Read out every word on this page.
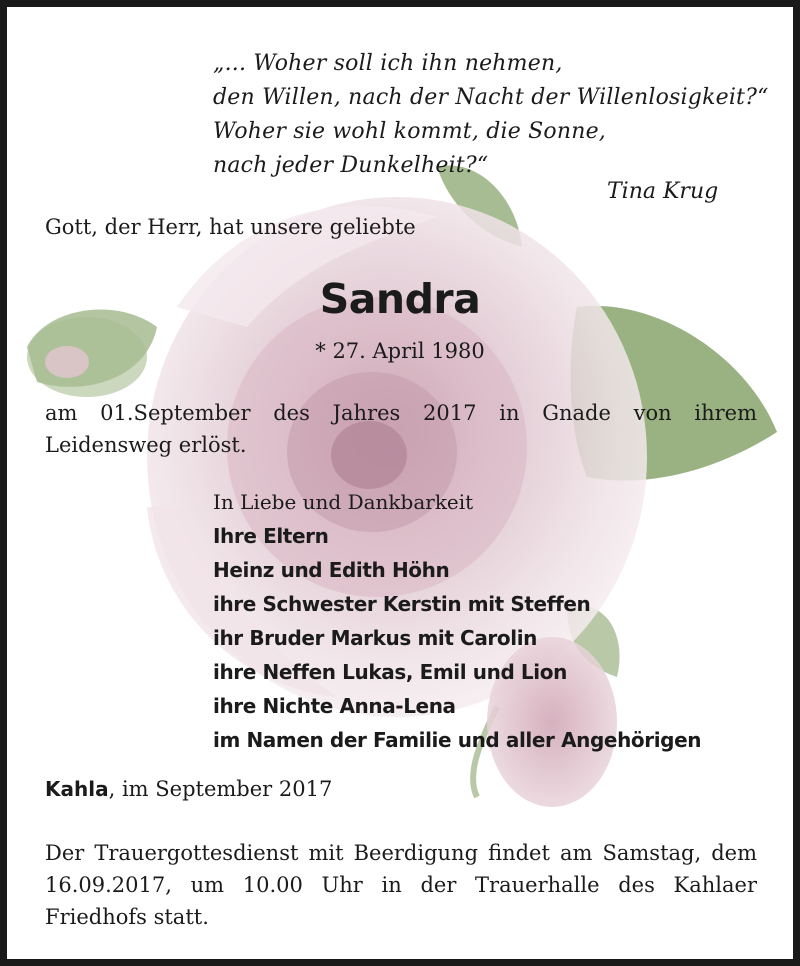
„... Woher soll ich ihn nehmen,
den Willen, nach der Nacht der Willenlosigkeit?“
Woher sie wohl kommt, die Sonne,
nach jeder Dunkelheit?“
Tina Krug
Gott, der Herr, hat unsere geliebte
Sandra
* 27. April 1980
am 01.September des Jahres 2017 in Gnade von ihrem Leidensweg erlöst.
In Liebe und Dankbarkeit
Ihre Eltern
Heinz und Edith Höhn
ihre Schwester Kerstin mit Steffen
ihr Bruder Markus mit Carolin
ihre Neffen Lukas, Emil und Lion
ihre Nichte Anna-Lena
im Namen der Familie und aller Angehörigen
Kahla, im September 2017
Der Trauergottesdienst mit Beerdigung findet am Samstag, dem 16.09.2017, um 10.00 Uhr in der Trauerhalle des Kahlaer Friedhofs statt.
